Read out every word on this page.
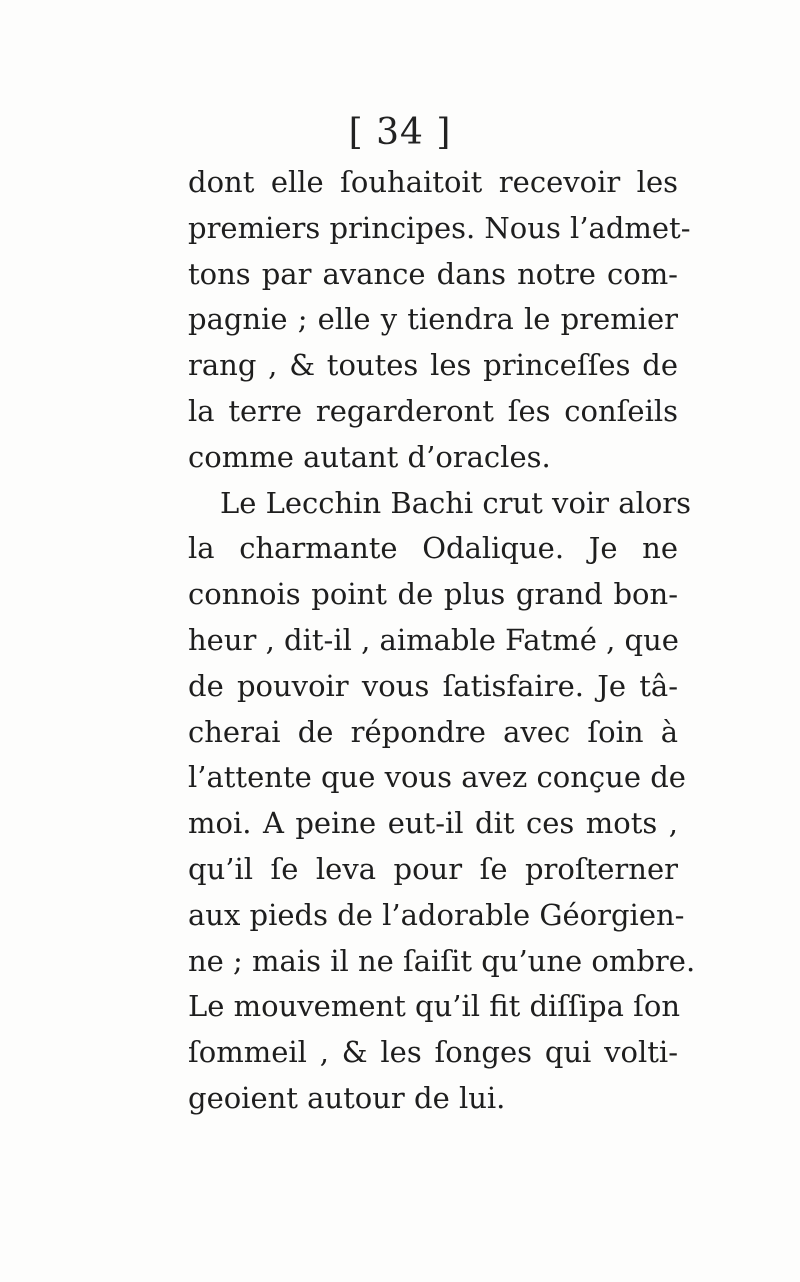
[ 34 ]
dont elle ſouhaitoit recevoir les
premiers principes. Nous l’admet-
tons par avance dans notre com-
pagnie ; elle y tiendra le premier
rang , & toutes les princeſſes de
la terre regarderont ſes conſeils
comme autant d’oracles.
Le Lecchin Bachi crut voir alors
la charmante Odalique. Je ne
connois point de plus grand bon-
heur , dit-il , aimable Fatmé , que
de pouvoir vous ſatisfaire. Je tâ-
cherai de répondre avec ſoin à
l’attente que vous avez conçue de
moi. A peine eut-il dit ces mots ,
qu’il ſe leva pour ſe proſterner
aux pieds de l’adorable Géorgien-
ne ; mais il ne ſaiſit qu’une ombre.
Le mouvement qu’il fit diſſipa ſon
ſommeil , & les ſonges qui volti-
geoient autour de lui.
